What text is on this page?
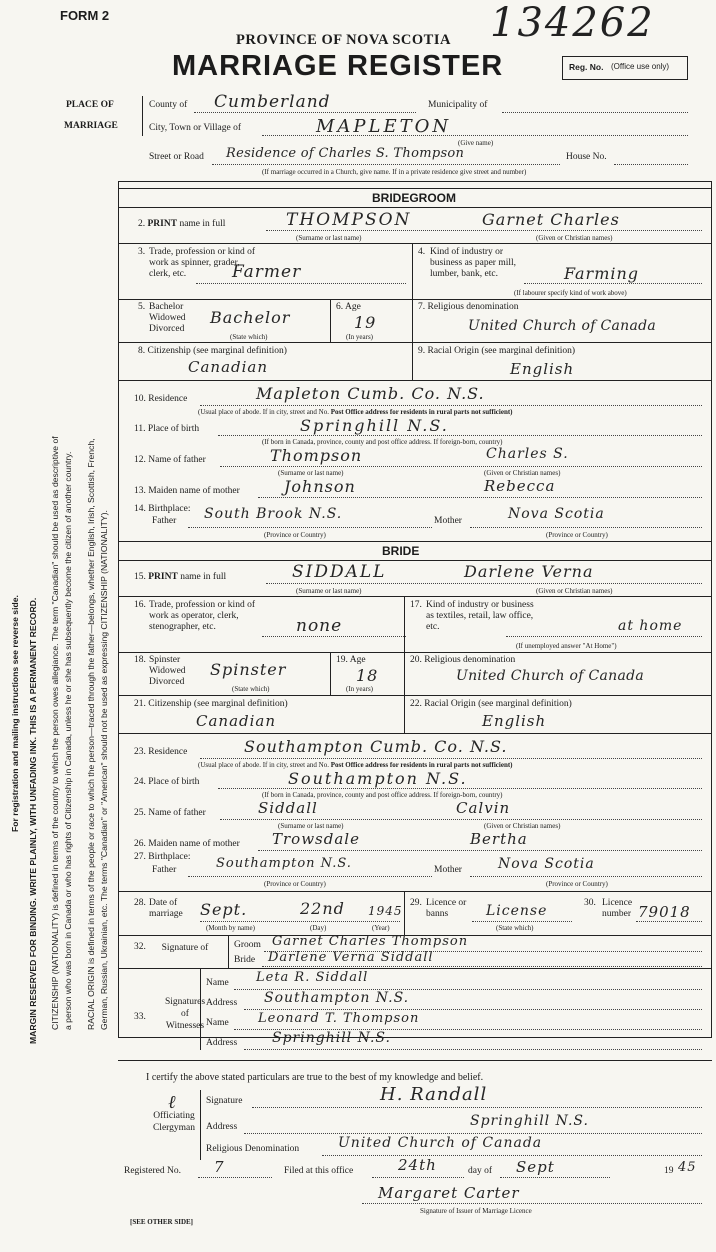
FORM 2	134262
PROVINCE OF NOVA SCOTIA
MARRIAGE REGISTER	Reg. No. (Office use only)
PLACE OF
MARRIAGE
County of Cumberland	Municipality of
City, Town or Village of	MAPLETON
(Give name)
Street or Road Residence of Charles S. Thompson	House No.
(If marriage occurred in a Church, give name. If in a private residence give street and number)
For registration and mailing instructions see reverse side. MARGIN RESERVED FOR BINDING. WRITE PLAINLY, WITH UNFADING INK. THIS IS A PERMANENT RECORD. CITIZENSHIP (NATIONALITY) is defined in terms of the country to which the person owes allegiance. The term "Canadian" should be used as descriptive of a person who was born in Canada or who has rights of Citizenship in Canada, unless he or she has subsequently become the citizen of another country. RACIAL ORIGIN is defined in terms of the people or race to which the person—traced through the father—belongs, whether English, Irish, Scottish, French, German, Russian, Ukrainian, etc. The terms "Canadian" or "American" should not be used as expressing CITIZENSHIP (NATIONALITY).
BRIDEGROOM
2. PRINT name in full	THOMPSON	Garnet Charles
(Surname or last name)	(Given or Christian names)
3. Trade, profession or kind of work as spinner, grader, clerk, etc.	Farmer
4. Kind of industry or business as paper mill, lumber, bank, etc.	Farming
(If labourer specify kind of work above)
5. Bachelor Widowed Divorced
Bachelor
(State which)
6. Age
19
(In years)
7. Religious denomination
United Church of Canada
8. Citizenship (see marginal definition)
Canadian
9. Racial Origin (see marginal definition)
English
10. Residence	Mapleton Cumb. Co. N.S.
(Usual place of abode. If in city, street and No. Post Office address for residents in rural parts not sufficient)
11. Place of birth	Springhill N.S.
(If born in Canada, province, county and post office address. If foreign-born, country)
12. Name of father	Thompson	Charles S.
(Surname or last name)	(Given or Christian names)
13. Maiden name of mother	Johnson	Rebecca
14. Birthplace:
Father South Brook N.S.	Mother	Nova Scotia
(Province or Country)	(Province or Country)
BRIDE
15. PRINT name in full	SIDDALL	Darlene Verna
(Surname or last name)	(Given or Christian names)
16. Trade, profession or kind of work as operator, clerk, stenographer, etc.	none
17. Kind of industry or business as textiles, retail, law office, etc.	at home
(If unemployed answer "At Home")
18. Spinster Widowed Divorced
Spinster
(State which)
19. Age
18
(In years)
20. Religious denomination
United Church of Canada
21. Citizenship (see marginal definition)
Canadian
22. Racial Origin (see marginal definition)
English
23. Residence	Southampton Cumb. Co. N.S.
(Usual place of abode. If in city, street and No. Post Office address for residents in rural parts not sufficient)
24. Place of birth	Southampton N.S.
(If born in Canada, province, county and post office address. If foreign-born, country)
25. Name of father	Siddall	Calvin
(Surname or last name)	(Given or Christian names)
26. Maiden name of mother Trowsdale	Bertha
27. Birthplace:
Father	Southampton N.S.	Mother	Nova Scotia
(Province or Country)	(Province or Country)
28. Date of marriage	Sept.	22nd 1945
(Month by name)	(Day)	(Year)
29. Licence or banns	License
(State which)
30. Licence number 79018
32. Signature of	Groom Garnet Charles Thompson
Bride Darlene Verna Siddall
33.
Signatures of Witnesses
Name Leta R. Siddall
Address Southampton N.S.
Name Leonard T. Thompson
Address Springhill N.S.
I certify the above stated particulars are true to the best of my knowledge and belief.
ℓ
Officiating Clergyman
Signature	H. Randall
Address	Springhill N.S.
Religious Denomination	United Church of Canada
Registered No. 7	Filed at this office	24th	day of Sept	19 45
Margaret Carter
Signature of Issuer of Marriage Licence
[SEE OTHER SIDE]
